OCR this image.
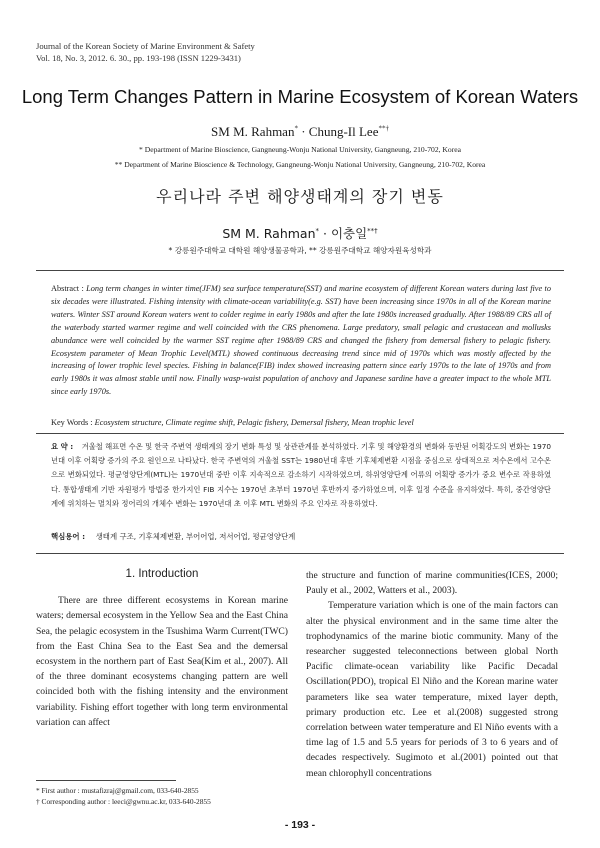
Journal of the Korean Society of Marine Environment & Safety
Vol. 18, No. 3, 2012. 6. 30., pp. 193-198 (ISSN 1229-3431)
Long Term Changes Pattern in Marine Ecosystem of Korean Waters
SM M. Rahman* · Chung-Il Lee**†
* Department of Marine Bioscience, Gangneung-Wonju National University, Gangneung, 210-702, Korea
** Department of Marine Bioscience & Technology, Gangneung-Wonju National University, Gangneung, 210-702, Korea
우리나라 주변 해양생태계의 장기 변동
SM M. Rahman* · 이충일**†
* 강릉원주대학교 대학원 해양생물공학과, ** 강릉원주대학교 해양자원육성학과
Abstract : Long term changes in winter time(JFM) sea surface temperature(SST) and marine ecosystem of different Korean waters during last five to six decades were illustrated. Fishing intensity with climate-ocean variability(e.g. SST) have been increasing since 1970s in all of the Korean marine waters. Winter SST around Korean waters went to colder regime in early 1980s and after the late 1980s increased gradually. After 1988/89 CRS all of the waterbody started warmer regime and well coincided with the CRS phenomena. Large predatory, small pelagic and crustacean and mollusks abundance were well coincided by the warmer SST regime after 1988/89 CRS and changed the fishery from demersal fishery to pelagic fishery. Ecosystem parameter of Mean Trophic Level(MTL) showed continuous decreasing trend since mid of 1970s which was mostly affected by the increasing of lower trophic level species. Fishing in balance(FIB) index showed increasing pattern since early 1970s to the late of 1970s and from early 1980s it was almost stable until now. Finally wasp-waist population of anchovy and Japanese sardine have a greater impact to the whole MTL since early 1970s.
Key Words : Ecosystem structure, Climate regime shift, Pelagic fishery, Demersal fishery, Mean trophic level
요 약 : 겨울철 해표면 수온 및 한국 주변역 생태계의 장기 변화 특성 및 상관관계를 분석하였다. 기후 및 해양환경의 변화와 동반된 어획강도의 변화는 1970 년대 이후 어획량 증가의 주요 원인으로 나타났다. 한국 주변역의 겨울철 SST는 1980년대 후반 기후체제변환 시점을 중심으로 상대적으로 저수온에서 고수온으로 변화되었다. 평균영양단계(MTL)는 1970년대 중반 이후 지속적으로 감소하기 시작하였으며, 하위영양단계 어류의 어획량 증가가 중요 변수로 작용하였다. 통합생태계 기반 자원평가 방법중 한가지인 FIB 지수는 1970년 초부터 1970년 후반까지 증가하였으며, 이후 일정 수준을 유지하였다. 특히, 중간영양단계에 위치하는 멸치와 정어리의 개체수 변화는 1970년대 초 이후 MTL 변화의 주요 인자로 작용하였다.
핵심용어 : 생태계 구조, 기후체제변환, 부어어업, 저서어업, 평균영양단계
1. Introduction

There are three different ecosystems in Korean marine waters; demersal ecosystem in the Yellow Sea and the East China Sea, the pelagic ecosystem in the Tsushima Warm Current(TWC) from the East China Sea to the East Sea and the demersal ecosystem in the northern part of East Sea(Kim et al., 2007). All of the three dominant ecosystems changing pattern are well coincided both with the fishing intensity and the environment variability. Fishing effort together with long term environmental variation can affect

the structure and function of marine communities(ICES, 2000; Pauly et al., 2002, Watters et al., 2003).

Temperature variation which is one of the main factors can alter the physical environment and in the same time alter the trophodynamics of the marine biotic community. Many of the researcher suggested teleconnections between global North Pacific climate-ocean variability like Pacific Decadal Oscillation(PDO), tropical El Niño and the Korean marine water parameters like sea water temperature, mixed layer depth, primary production etc. Lee et al.(2008) suggested strong correlation between water temperature and El Niño events with a time lag of 1.5 and 5.5 years for periods of 3 to 6 years and of decades respectively. Sugimoto et al.(2001) pointed out that mean chlorophyll concentrations

* First author : mustafizraj@gmail.com, 033-640-2855
† Corresponding author : leeci@gwnu.ac.kr, 033-640-2855
- 193 -
